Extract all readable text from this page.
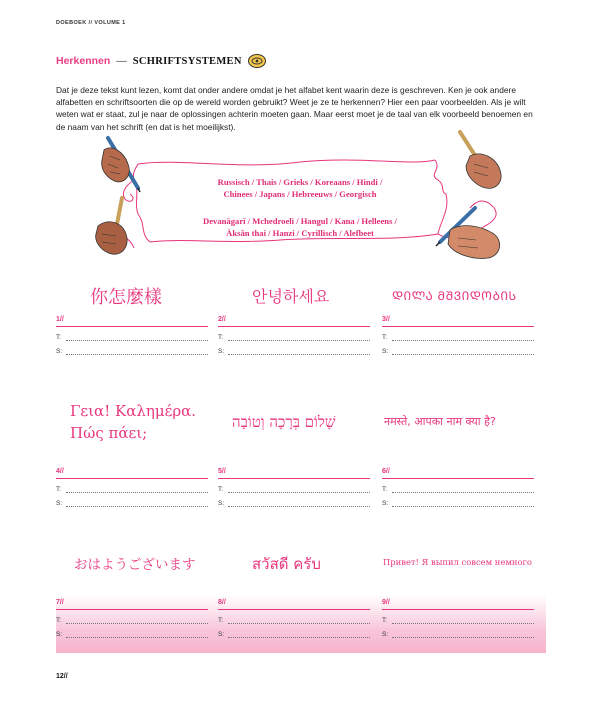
DOEBOEK // VOLUME 1
Herkennen — SCHRIFTSYSTEMEN

Dat je deze tekst kunt lezen, komt dat onder andere omdat je het alfabet kent waarin deze is geschreven. Ken je ook andere alfabetten en schriftsoorten die op de wereld worden gebruikt? Weet je ze te herkennen? Hier een paar voorbeelden. Als je wilt weten wat er staat, zul je naar de oplossingen achterin moeten gaan. Maar eerst moet je de taal van elk voorbeeld benoemen en de naam van het schrift (en dat is het moeilijkst).

Russisch / Thais / Grieks / Koreaans / Hindi /
Chinees / Japans / Hebreeuws / Georgisch
Devanāgarī / Mchedroeli / Hangul / Kana / Helleens /
Àksǎn thai / Hanzi / Cyrillisch / Alefbeet
你怎麼樣	안녕하세요	ᲓᲘᲚᲐ ᲛᲨᲕᲘᲓᲝᲑᲘᲡ
1//
T:
S:
2//
T:
S:
3//
T:
S:
Γεια! Καλημέρα.
Πώς πάει;
שָׁלוֹם בְּרָכָה וְטוֹבָה	नमस्ते, आपका नाम क्या है?
4//
T:
S:
5//
T:
S:
6//
T:
S:
おはようございます	สวัสดี ครับ	Привет! Я выпил совсем немного
7//
T:
S:
8//
T:
S:
9//
T:
S:
12//
